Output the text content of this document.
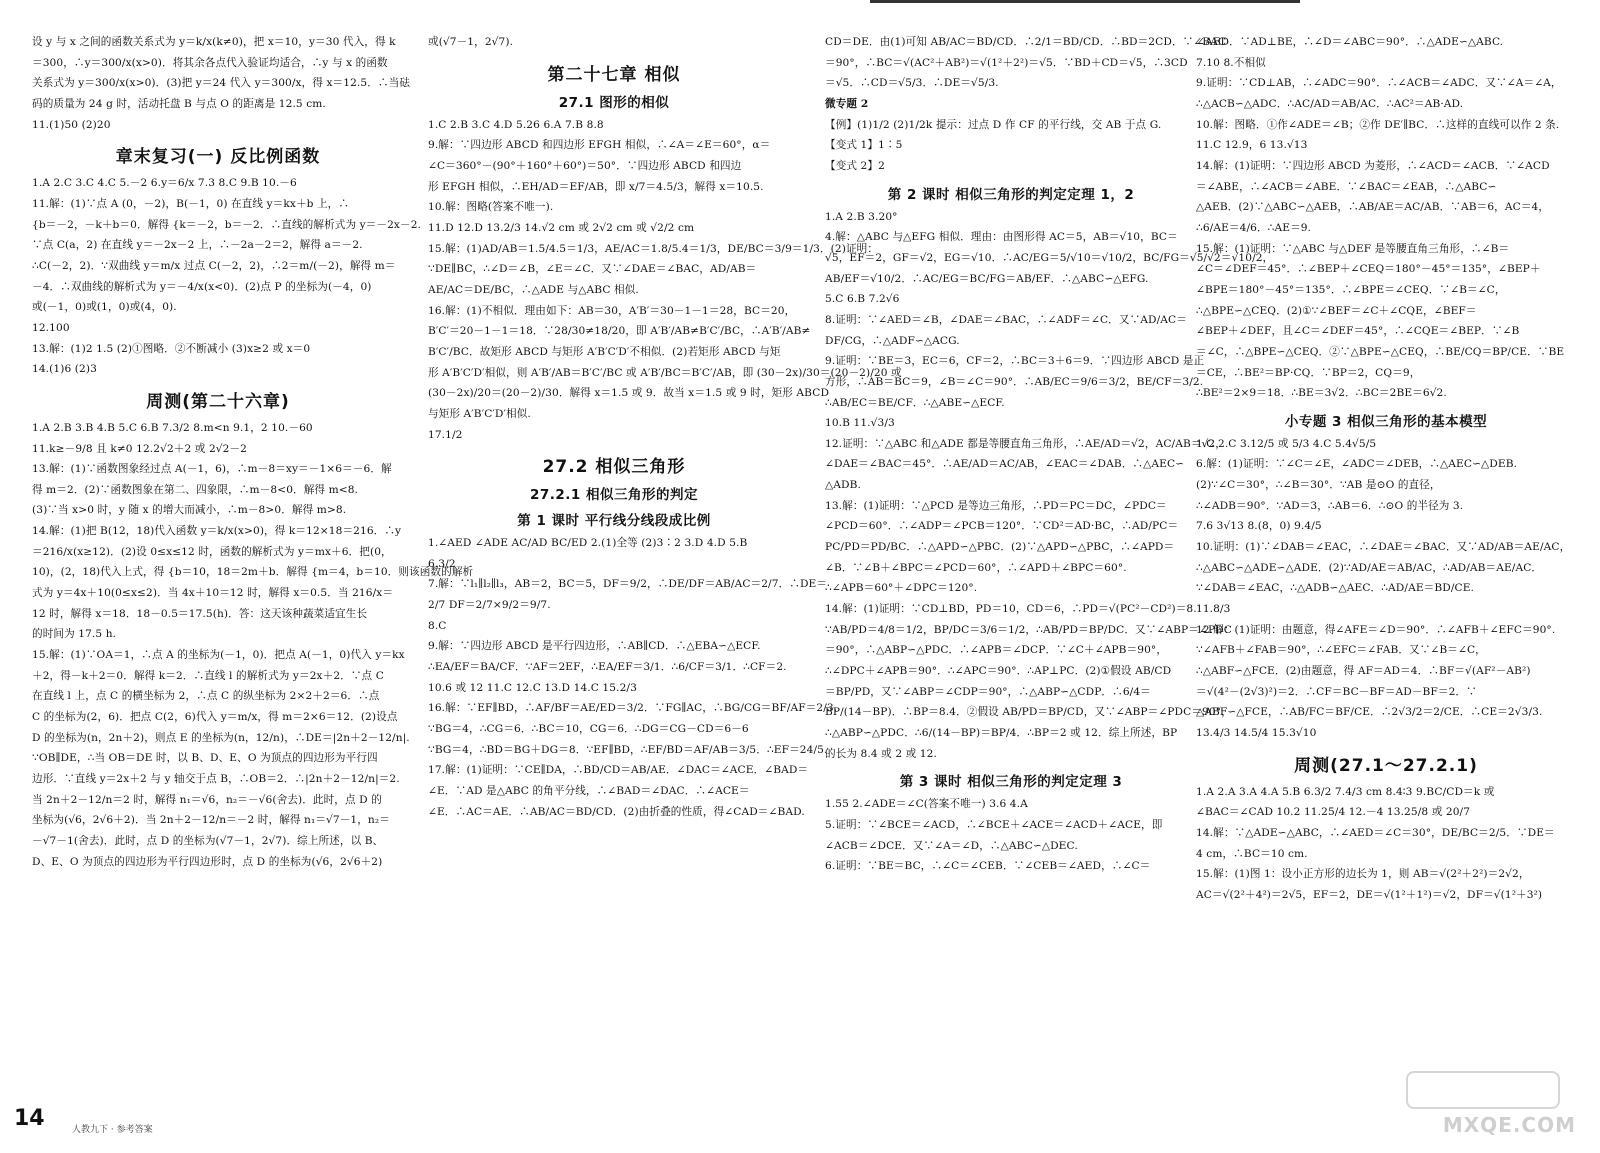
设 y 与 x 之间的函数关系式为 y＝k/x(k≠0)，把 x＝10，y＝30 代入，得 k
＝300，∴y＝300/x(x>0)．将其余各点代入验证均适合，∴y 与 x 的函数
关系式为 y＝300/x(x>0)．(3)把 y＝24 代入 y＝300/x，得 x＝12.5．∴当砝
码的质量为 24 g 时，活动托盘 B 与点 O 的距离是 12.5 cm.
11.(1)50 (2)20
章末复习(一) 反比例函数
1.A 2.C 3.C 4.C 5.－2 6.y＝6/x 7.3 8.C 9.B 10.－6
11.解：(1)∵点 A (0，－2)，B(－1，0) 在直线 y＝kx＋b 上，∴
{b＝－2，－k＋b＝0．解得 {k＝－2，b＝－2．∴直线的解析式为 y＝－2x－2.
∵点 C(a，2) 在直线 y＝－2x－2 上，∴－2a－2＝2，解得 a＝－2.
∴C(－2，2)．∵双曲线 y＝m/x 过点 C(－2，2)，∴2＝m/(－2)，解得 m＝
－4．∴双曲线的解析式为 y＝－4/x(x<0)．(2)点 P 的坐标为(－4，0)
或(－1，0)或(1，0)或(4，0).
12.100
13.解：(1)2 1.5 (2)①图略．②不断减小 (3)x≥2 或 x＝0
14.(1)6 (2)3
周测(第二十六章)
1.A 2.B 3.B 4.B 5.C 6.B 7.3/2 8.m<n 9.1，2 10.－60
11.k≥－9/8 且 k≠0 12.2√2＋2 或 2√2－2
13.解：(1)∵函数图象经过点 A(－1，6)，∴m－8＝xy＝－1×6＝－6．解
得 m＝2．(2)∵函数图象在第二、四象限，∴m－8<0．解得 m<8.
(3)∵当 x>0 时，y 随 x 的增大而减小，∴m－8>0．解得 m>8.
14.解：(1)把 B(12，18)代入函数 y＝k/x(x>0)，得 k＝12×18＝216．∴y
＝216/x(x≥12)．(2)设 0≤x≤12 时，函数的解析式为 y＝mx＋6．把(0，
10)，(2，18)代入上式，得 {b＝10，18＝2m＋b．解得 {m＝4，b＝10．则该函数的解析
式为 y＝4x＋10(0≤x≤2)．当 4x＋10＝12 时，解得 x＝0.5．当 216/x＝
12 时，解得 x＝18．18－0.5＝17.5(h)．答：这天该种蔬菜适宜生长
的时间为 17.5 h.
15.解：(1)∵OA＝1，∴点 A 的坐标为(－1，0)．把点 A(－1，0)代入 y＝kx
＋2，得－k＋2＝0．解得 k＝2．∴直线 l 的解析式为 y＝2x＋2．∵点 C
在直线 l 上，点 C 的横坐标为 2，∴点 C 的纵坐标为 2×2＋2＝6．∴点
C 的坐标为(2，6)．把点 C(2，6)代入 y＝m/x，得 m＝2×6＝12．(2)设点
D 的坐标为(n，2n＋2)，则点 E 的坐标为(n，12/n)，∴DE＝|2n＋2－12/n|.
∵OB∥DE，∴当 OB＝DE 时，以 B、D、E、O 为顶点的四边形为平行四
边形．∵直线 y＝2x＋2 与 y 轴交于点 B，∴OB＝2．∴|2n＋2－12/n|＝2.
当 2n＋2－12/n＝2 时，解得 n₁＝√6，n₂＝－√6(舍去)．此时，点 D 的
坐标为(√6，2√6＋2)．当 2n＋2－12/n＝－2 时，解得 n₁＝√7－1，n₂＝
－√7－1(舍去)．此时，点 D 的坐标为(√7－1，2√7)．综上所述，以 B、
D、E、O 为顶点的四边形为平行四边形时，点 D 的坐标为(√6，2√6＋2)
或(√7－1，2√7).
第二十七章 相似
27.1 图形的相似
1.C 2.B 3.C 4.D 5.26 6.A 7.B 8.8
9.解：∵四边形 ABCD 和四边形 EFGH 相似，∴∠A＝∠E＝60°，α＝
∠C＝360°－(90°＋160°＋60°)＝50°．∵四边形 ABCD 和四边
形 EFGH 相似，∴EH/AD＝EF/AB，即 x/7＝4.5/3，解得 x＝10.5.
10.解：图略(答案不唯一).
11.D 12.D 13.2/3 14.√2 cm 或 2√2 cm 或 √2/2 cm
15.解：(1)AD/AB＝1.5/4.5＝1/3，AE/AC＝1.8/5.4＝1/3，DE/BC＝3/9＝1/3．(2)证明：
∵DE∥BC，∴∠D＝∠B，∠E＝∠C．又∵∠DAE＝∠BAC，AD/AB＝
AE/AC＝DE/BC，∴△ADE 与△ABC 相似.
16.解：(1)不相似．理由如下：AB＝30，A′B′＝30－1－1＝28，BC＝20，
B′C′＝20－1－1＝18．∵28/30≠18/20，即 A′B′/AB≠B′C′/BC，∴A′B′/AB≠
B′C′/BC．故矩形 ABCD 与矩形 A′B′C′D′不相似．(2)若矩形 ABCD 与矩
形 A′B′C′D′相似，则 A′B′/AB＝B′C′/BC 或 A′B′/BC＝B′C′/AB，即 (30－2x)/30＝(20－2)/20 或
(30－2x)/20＝(20－2)/30．解得 x＝1.5 或 9．故当 x＝1.5 或 9 时，矩形 ABCD
与矩形 A′B′C′D′相似.
17.1/2
27.2 相似三角形
27.2.1 相似三角形的判定
第 1 课时 平行线分线段成比例
1.∠AED ∠ADE AC/AD BC/ED 2.(1)全等 (2)3∶2 3.D 4.D 5.B
6.3/2
7.解：∵l₁∥l₂∥l₃，AB＝2，BC＝5，DF＝9/2，∴DE/DF＝AB/AC＝2/7．∴DE＝
2/7 DF＝2/7×9/2＝9/7.
8.C
9.解：∵四边形 ABCD 是平行四边形，∴AB∥CD．∴△EBA∽△ECF.
∴EA/EF＝BA/CF．∵AF＝2EF，∴EA/EF＝3/1．∴6/CF＝3/1．∴CF＝2.
10.6 或 12 11.C 12.C 13.D 14.C 15.2/3
16.解：∵EF∥BD，∴AF/BF＝AE/ED＝3/2．∵FG∥AC，∴BG/CG＝BF/AF＝2/3.
∵BG＝4，∴CG＝6．∴BC＝10，CG＝6．∴DG＝CG－CD＝6－6
∵BG＝4，∴BD＝BG＋DG＝8．∵EF∥BD，∴EF/BD＝AF/AB＝3/5．∴EF＝24/5.
17.解：(1)证明：∵CE∥DA，∴BD/CD＝AB/AE．∠DAC＝∠ACE．∠BAD＝
∠E．∵AD 是△ABC 的角平分线，∴∠BAD＝∠DAC．∴∠ACE＝
∠E．∴AC＝AE．∴AB/AC＝BD/CD．(2)由折叠的性质，得∠CAD＝∠BAD.
CD＝DE．由(1)可知 AB/AC＝BD/CD．∴2/1＝BD/CD．∴BD＝2CD．∵∠BAC
＝90°，∴BC＝√(AC²＋AB²)＝√(1²＋2²)＝√5．∵BD＋CD＝√5，∴3CD
＝√5．∴CD＝√5/3．∴DE＝√5/3.
微专题 2
【例】(1)1/2 (2)1/2k 提示：过点 D 作 CF 的平行线，交 AB 于点 G.
【变式 1】1∶5
【变式 2】2
第 2 课时 相似三角形的判定定理 1，2
1.A 2.B 3.20°
4.解：△ABC 与△EFG 相似．理由：由图形得 AC＝5，AB＝√10，BC＝
√5，EF＝2，GF＝√2，EG＝√10．∴AC/EG＝5/√10＝√10/2，BC/FG＝√5/√2＝√10/2，
AB/EF＝√10/2．∴AC/EG＝BC/FG＝AB/EF．∴△ABC∽△EFG.
5.C 6.B 7.2√6
8.证明：∵∠AED＝∠B，∠DAE＝∠BAC，∴∠ADF＝∠C．又∵AD/AC＝
DF/CG，∴△ADF∽△ACG.
9.证明：∵BE＝3，EC＝6，CF＝2，∴BC＝3＋6＝9．∵四边形 ABCD 是正
方形，∴AB＝BC＝9，∠B＝∠C＝90°．∴AB/EC＝9/6＝3/2，BE/CF＝3/2.
∴AB/EC＝BE/CF．∴△ABE∽△ECF.
10.B 11.√3/3
12.证明：∵△ABC 和△ADE 都是等腰直角三角形，∴AE/AD＝√2，AC/AB＝√2，
∠DAE＝∠BAC＝45°．∴AE/AD＝AC/AB，∠EAC＝∠DAB．∴△AEC∽
△ADB.
13.解：(1)证明：∵△PCD 是等边三角形，∴PD＝PC＝DC，∠PDC＝
∠PCD＝60°．∴∠ADP＝∠PCB＝120°．∵CD²＝AD·BC，∴AD/PC＝
PC/PD＝PD/BC．∴△APD∽△PBC．(2)∵△APD∽△PBC，∴∠APD＝
∠B．∵∠B＋∠BPC＝∠PCD＝60°，∴∠APD＋∠BPC＝60°.
∴∠APB＝60°＋∠DPC＝120°.
14.解：(1)证明：∵CD⊥BD，PD＝10，CD＝6，∴PD＝√(PC²－CD²)＝8.
∵AB/PD＝4/8＝1/2，BP/DC＝3/6＝1/2，∴AB/PD＝BP/DC．又∵∠ABP＝∠PDC
＝90°，∴△ABP∽△PDC．∴∠APB＝∠DCP．∵∠C＋∠APB＝90°，
∴∠DPC＋∠APB＝90°．∴∠APC＝90°．∴AP⊥PC．(2)①假设 AB/CD
＝BP/PD，又∵∠ABP＝∠CDP＝90°，∴△ABP∽△CDP．∴6/4＝
BP/(14－BP)．∴BP＝8.4．②假设 AB/PD＝BP/CD，又∵∠ABP＝∠PDC＝90°，
∴△ABP∽△PDC．∴6/(14－BP)＝BP/4．∴BP＝2 或 12．综上所述，BP
的长为 8.4 或 2 或 12.
第 3 课时 相似三角形的判定定理 3
1.55 2.∠ADE＝∠C(答案不唯一) 3.6 4.A
5.证明：∵∠BCE＝∠ACD，∴∠BCE＋∠ACE＝∠ACD＋∠ACE，即
∠ACB＝∠DCE．又∵∠A＝∠D，∴△ABC∽△DEC.
6.证明：∵BE＝BC，∴∠C＝∠CEB．∵∠CEB＝∠AED，∴∠C＝
∠AED．∵AD⊥BE，∴∠D＝∠ABC＝90°．∴△ADE∽△ABC.
7.10 8.不相似
9.证明：∵CD⊥AB，∴∠ADC＝90°．∴∠ACB＝∠ADC．又∵∠A＝∠A，
∴△ACB∽△ADC．∴AC/AD＝AB/AC．∴AC²＝AB·AD.
10.解：图略．①作∠ADE＝∠B；②作 DE′∥BC．∴这样的直线可以作 2 条.
11.C 12.9，6 13.√13
14.解：(1)证明：∵四边形 ABCD 为菱形，∴∠ACD＝∠ACB．∵∠ACD
＝∠ABE，∴∠ACB＝∠ABE．∵∠BAC＝∠EAB，∴△ABC∽
△AEB．(2)∵△ABC∽△AEB，∴AB/AE＝AC/AB．∵AB＝6，AC＝4，
∴6/AE＝4/6．∴AE＝9.
15.解：(1)证明：∵△ABC 与△DEF 是等腰直角三角形，∴∠B＝
∠C＝∠DEF＝45°．∴∠BEP＋∠CEQ＝180°－45°＝135°，∠BEP＋
∠BPE＝180°－45°＝135°．∴∠BPE＝∠CEQ．∵∠B＝∠C，
∴△BPE∽△CEQ．(2)①∵∠BEF＝∠C＋∠CQE，∠BEF＝
∠BEP＋∠DEF，且∠C＝∠DEF＝45°，∴∠CQE＝∠BEP．∵∠B
＝∠C，∴△BPE∽△CEQ．②∵△BPE∽△CEQ，∴BE/CQ＝BP/CE．∵BE
＝CE，∴BE²＝BP·CQ．∵BP＝2，CQ＝9，
∴BE²＝2×9＝18．∴BE＝3√2．∴BC＝2BE＝6√2.
小专题 3 相似三角形的基本模型
1.C 2.C 3.12/5 或 5/3 4.C 5.4√5/5
6.解：(1)证明：∵∠C＝∠E，∠ADC＝∠DEB，∴△AEC∽△DEB.
(2)∵∠C＝30°，∴∠B＝30°．∵AB 是⊙O 的直径，
∴∠ADB＝90°．∵AD＝3，∴AB＝6．∴⊙O 的半径为 3.
7.6 3√13 8.(8，0) 9.4/5
10.证明：(1)∵∠DAB＝∠EAC，∴∠DAE＝∠BAC．又∵AD/AB＝AE/AC，
∴△ABC∽△ADE∽△ADE．(2)∵AD/AE＝AB/AC，∴AD/AB＝AE/AC．
∵∠DAB＝∠EAC，∴△ADB∽△AEC．∴AD/AE＝BD/CE.
11.8/3
12.解：(1)证明：由题意，得∠AFE＝∠D＝90°．∴∠AFB＋∠EFC＝90°.
∵∠AFB＋∠FAB＝90°，∴∠EFC＝∠FAB．又∵∠B＝∠C，
∴△ABF∽△FCE．(2)由题意，得 AF＝AD＝4．∴BF＝√(AF²－AB²)
＝√(4²－(2√3)²)＝2．∴CF＝BC－BF＝AD－BF＝2．∵
△ABF∽△FCE，∴AB/FC＝BF/CE．∴2√3/2＝2/CE．∴CE＝2√3/3.
13.4/3 14.5/4 15.3√10
周测(27.1～27.2.1)
1.A 2.A 3.A 4.A 5.B 6.3/2 7.4/3 cm 8.4∶3 9.BC/CD＝k 或
∠BAC＝∠CAD 10.2 11.25/4 12.－4 13.25/8 或 20/7
14.解：∵△ADE∽△ABC，∴∠AED＝∠C＝30°，DE/BC＝2/5．∵DE＝
4 cm，∴BC＝10 cm.
15.解：(1)图 1：设小正方形的边长为 1，则 AB＝√(2²＋2²)＝2√2，
AC＝√(2²＋4²)＝2√5，EF＝2，DE＝√(1²＋1²)＝√2，DF＝√(1²＋3²)
14	人教九下 · 参考答案	MXQE.COM
